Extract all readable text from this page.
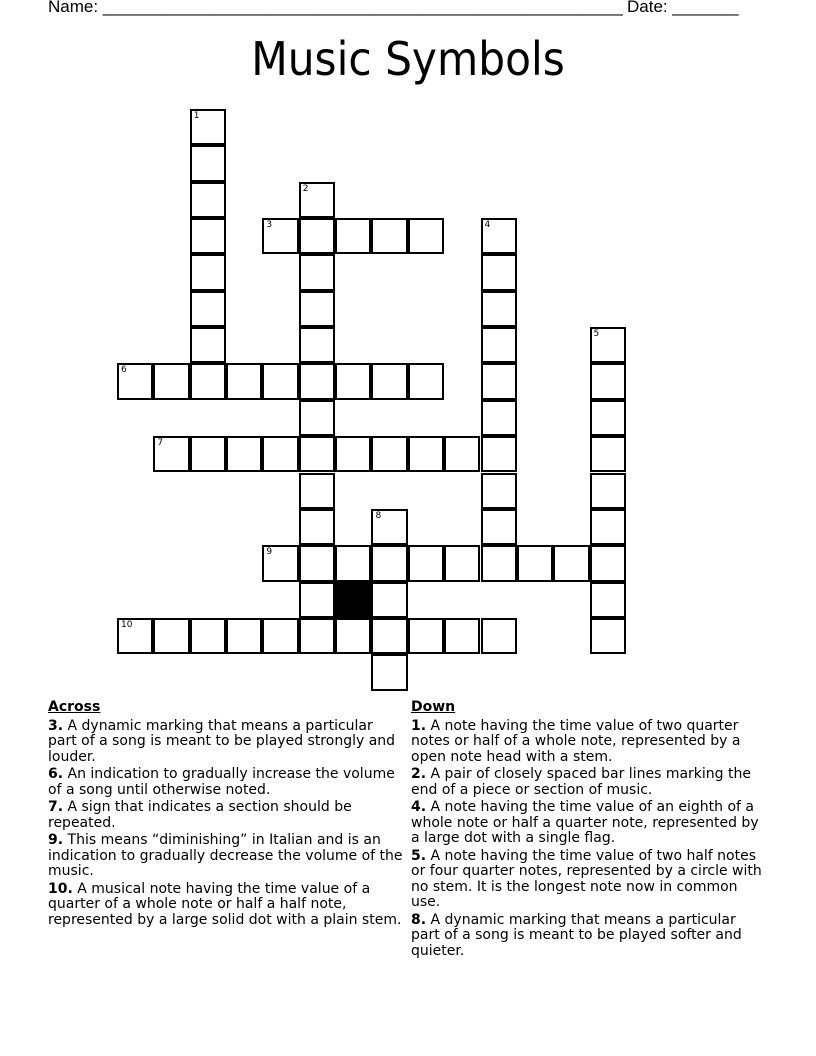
Name: _______________________________________________________ Date: _______
Music Symbols
1
2
3	4
5
6
7
8
9
10
Across
3. A dynamic marking that means a particular part of a song is meant to be played strongly and louder.
6. An indication to gradually increase the volume of a song until otherwise noted.
7. A sign that indicates a section should be repeated.
9. This means “diminishing” in Italian and is an indication to gradually decrease the volume of the music.
10. A musical note having the time value of a quarter of a whole note or half a half note, represented by a large solid dot with a plain stem.
Down
1. A note having the time value of two quarter notes or half of a whole note, represented by a open note head with a stem.
2. A pair of closely spaced bar lines marking the end of a piece or section of music.
4. A note having the time value of an eighth of a whole note or half a quarter note, represented by a large dot with a single flag.
5. A note having the time value of two half notes or four quarter notes, represented by a circle with no stem. It is the longest note now in common use.
8. A dynamic marking that means a particular part of a song is meant to be played softer and quieter.
